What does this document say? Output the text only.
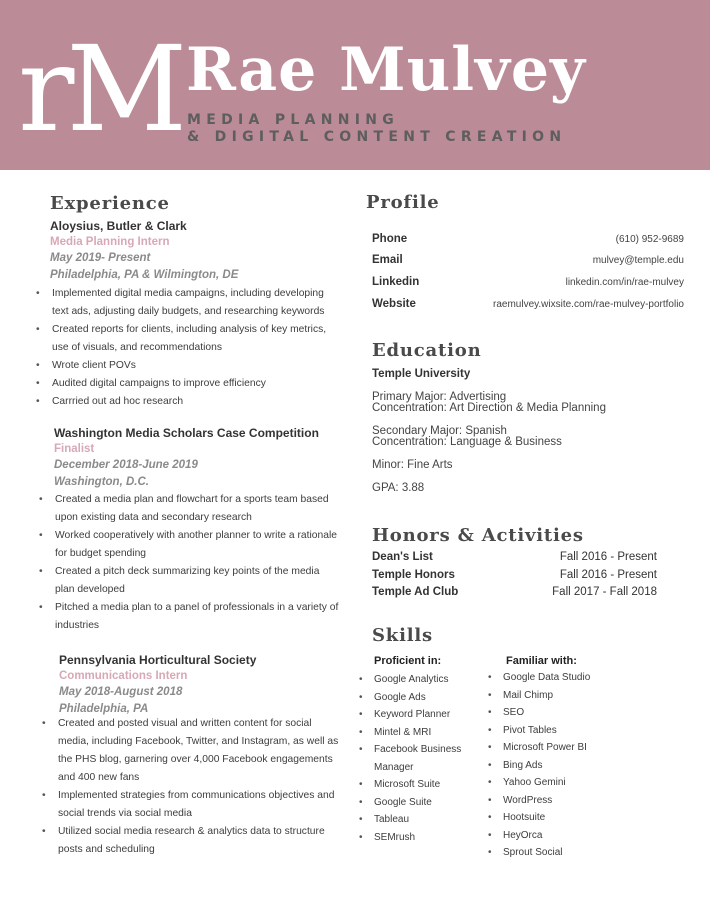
rM Rae Mulvey
MEDIA PLANNING
& DIGITAL CONTENT CREATION
Experience
Aloysius, Butler & Clark
Media Planning Intern
May 2019- Present
Philadelphia, PA & Wilmington, DE
• Implemented digital media campaigns, including developing text ads, adjusting daily budgets, and researching keywords
• Created reports for clients, including analysis of key metrics, use of visuals, and recommendations
• Wrote client POVs
• Audited digital campaigns to improve efficiency
• Carrried out ad hoc research
Washington Media Scholars Case Competition
Finalist
December 2018-June 2019
Washington, D.C.
• Created a media plan and flowchart for a sports team based upon existing data and secondary research
• Worked cooperatively with another planner to write a rationale for budget spending
• Created a pitch deck summarizing key points of the media plan developed
• Pitched a media plan to a panel of professionals in a variety of industries
Pennsylvania Horticultural Society
Communications Intern
May 2018-August 2018
Philadelphia, PA
• Created and posted visual and written content for social media, including Facebook, Twitter, and Instagram, as well as the PHS blog, garnering over 4,000 Facebook engagements and 400 new fans
• Implemented strategies from communications objectives and social trends via social media
• Utilized social media research & analytics data to structure posts and scheduling
Profile
Phone	(610) 952-9689
Email	mulvey@temple.edu
Linkedin	linkedin.com/in/rae-mulvey
Website	raemulvey.wixsite.com/rae-mulvey-portfolio
Education
Temple University
Primary Major: Advertising
Concentration: Art Direction & Media Planning
Secondary Major: Spanish
Concentration: Language & Business
Minor: Fine Arts
GPA: 3.88
Honors & Activities
Dean's List	Fall 2016 - Present
Temple Honors	Fall 2016 - Present
Temple Ad Club	Fall 2017 - Fall 2018
Skills
Proficient in:	Familiar with:
• Google Analytics
• Google Ads
• Keyword Planner
• Mintel & MRI
• Facebook Business Manager
• Microsoft Suite
• Google Suite
• Tableau
• SEMrush
• Google Data Studio
• Mail Chimp
• SEO
• Pivot Tables
• Microsoft Power BI
• Bing Ads
• Yahoo Gemini
• WordPress
• Hootsuite
• HeyOrca
• Sprout Social
